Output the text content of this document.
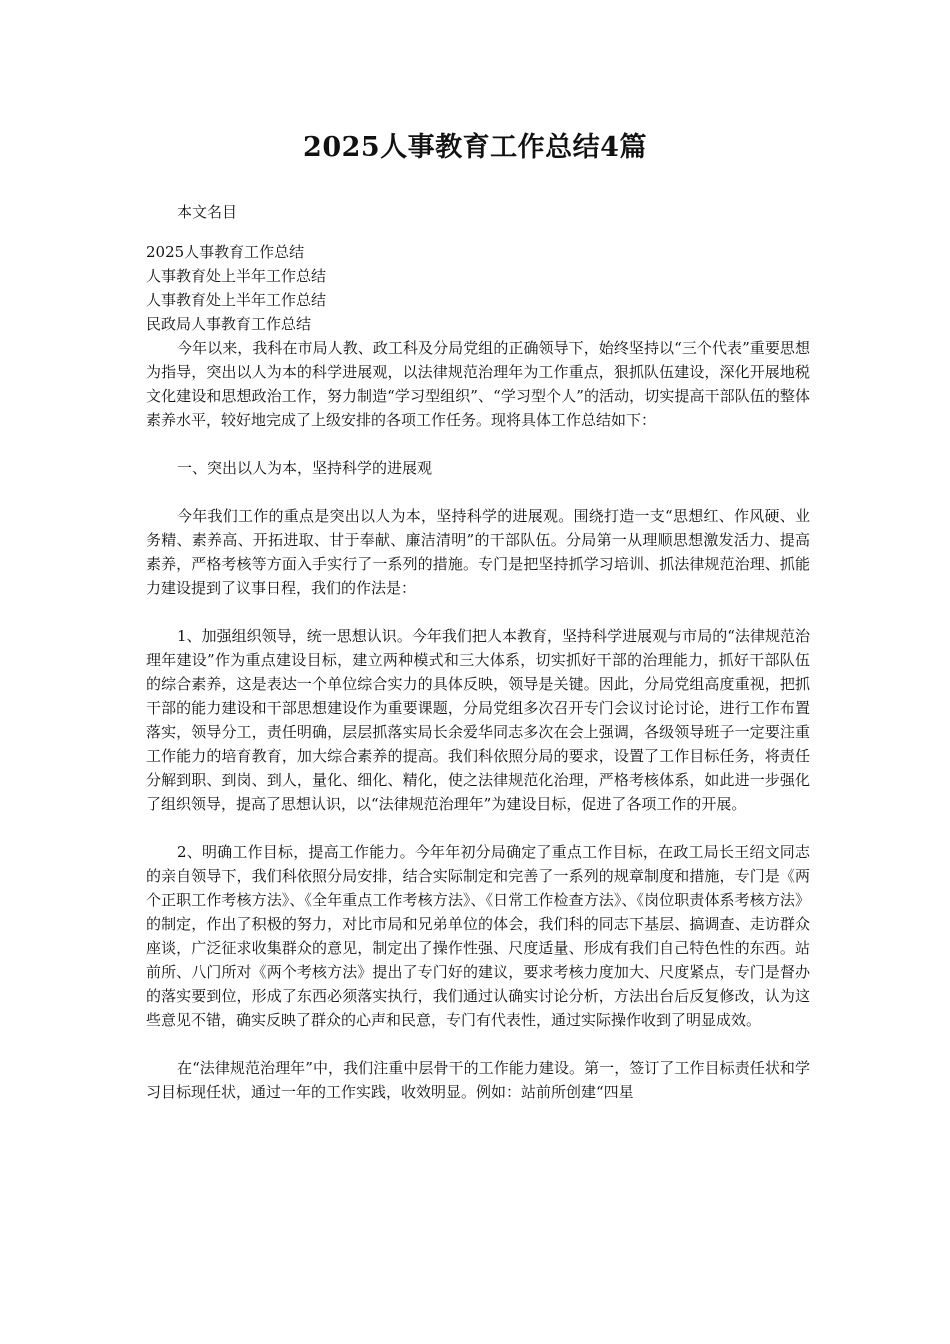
2025人事教育工作总结4篇

本文名目

2025人事教育工作总结

人事教育处上半年工作总结

人事教育处上半年工作总结

民政局人事教育工作总结

今年以来，我科在市局人教、政工科及分局党组的正确领导下，始终坚持以“三个代表”重要思想为指导，突出以人为本的科学进展观，以法律规范治理年为工作重点，狠抓队伍建设，深化开展地税文化建设和思想政治工作，努力制造“学习型组织”、“学习型个人”的活动，切实提高干部队伍的整体素养水平，较好地完成了上级安排的各项工作任务。现将具体工作总结如下：

一、突出以人为本，坚持科学的进展观

今年我们工作的重点是突出以人为本，坚持科学的进展观。围绕打造一支“思想红、作风硬、业务精、素养高、开拓进取、甘于奉献、廉洁清明”的干部队伍。分局第一从理顺思想激发活力、提高素养，严格考核等方面入手实行了一系列的措施。专门是把坚持抓学习培训、抓法律规范治理、抓能力建设提到了议事日程，我们的作法是：

1、加强组织领导，统一思想认识。今年我们把人本教育，坚持科学进展观与市局的“法律规范治理年建设”作为重点建设目标，建立两种模式和三大体系，切实抓好干部的治理能力，抓好干部队伍的综合素养，这是表达一个单位综合实力的具体反映，领导是关键。因此，分局党组高度重视，把抓干部的能力建设和干部思想建设作为重要课题，分局党组多次召开专门会议讨论讨论，进行工作布置落实，领导分工，责任明确，层层抓落实局长余爱华同志多次在会上强调，各级领导班子一定要注重工作能力的培育教育，加大综合素养的提高。我们科依照分局的要求，设置了工作目标任务，将责任分解到职、到岗、到人，量化、细化、精化，使之法律规范化治理，严格考核体系，如此进一步强化了组织领导，提高了思想认识，以“法律规范治理年”为建设目标，促进了各项工作的开展。

2、明确工作目标，提高工作能力。今年年初分局确定了重点工作目标，在政工局长王绍文同志的亲自领导下，我们科依照分局安排，结合实际制定和完善了一系列的规章制度和措施，专门是《两个正职工作考核方法》、《全年重点工作考核方法》、《日常工作检查方法》、《岗位职责体系考核方法》的制定，作出了积极的努力，对比市局和兄弟单位的体会，我们科的同志下基层、搞调查、走访群众座谈，广泛征求收集群众的意见，制定出了操作性强、尺度适量、形成有我们自己特色性的东西。站前所、八门所对《两个考核方法》提出了专门好的建议，要求考核力度加大、尺度紧点，专门是督办的落实要到位，形成了东西必须落实执行，我们通过认确实讨论分析，方法出台后反复修改，认为这些意见不错，确实反映了群众的心声和民意，专门有代表性，通过实际操作收到了明显成效。

在“法律规范治理年”中，我们注重中层骨干的工作能力建设。第一，签订了工作目标责任状和学习目标现任状，通过一年的工作实践，收效明显。例如：站前所创建“四星
